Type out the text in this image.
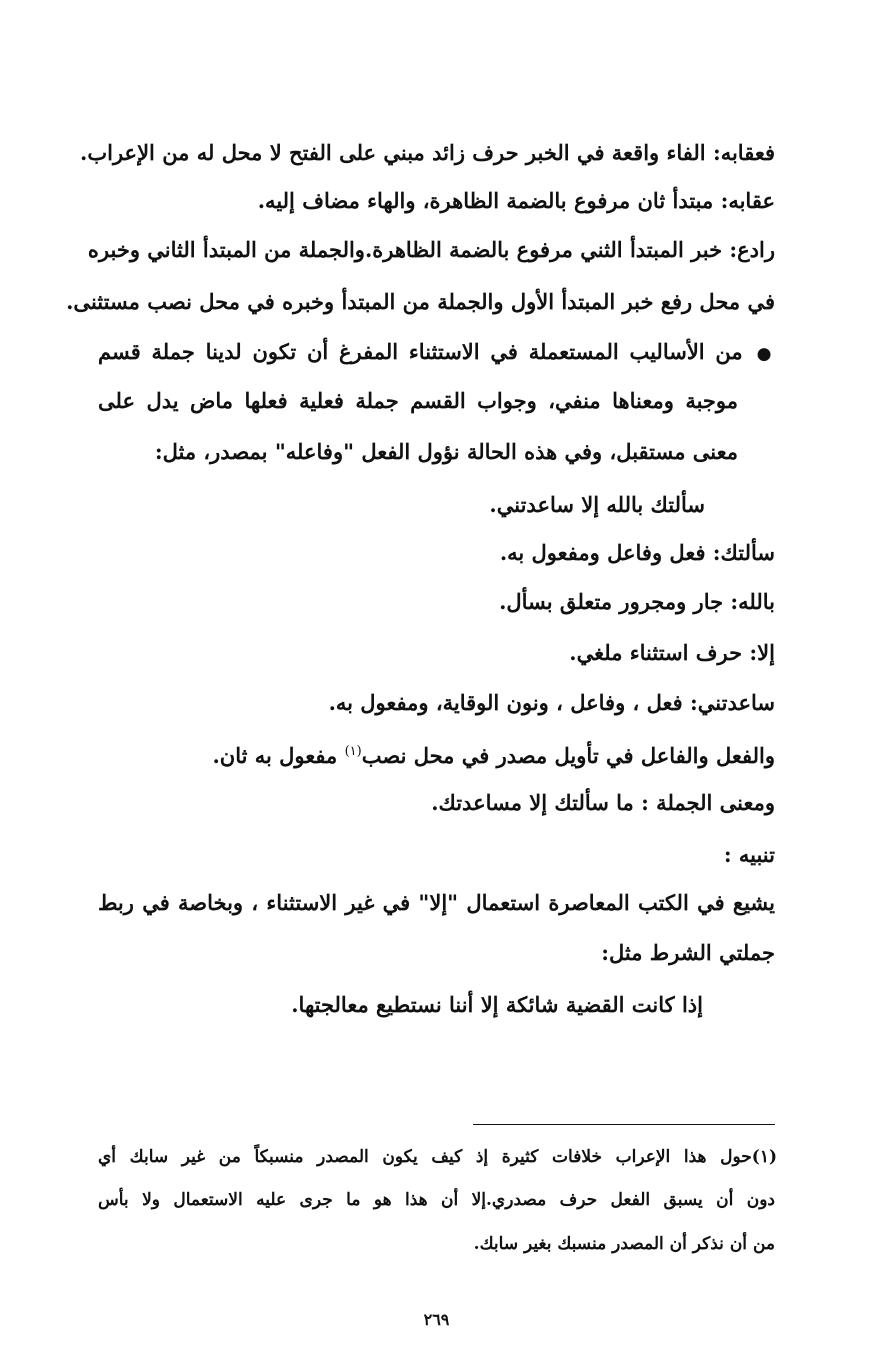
فعقابه: الفاء واقعة في الخبر حرف زائد مبني على الفتح لا محل له من الإعراب.

عقابه: مبتدأ ثان مرفوع بالضمة الظاهرة، والهاء مضاف إليه.

رادع: خبر المبتدأ الثني مرفوع بالضمة الظاهرة.والجملة من المبتدأ الثاني وخبره

في محل رفع خبر المبتدأ الأول والجملة من المبتدأ وخبره في محل نصب مستثنى.

●من الأساليب المستعملة في الاستثناء المفرغ أن تكون لدينا جملة قسم

موجبة ومعناها منفي، وجواب القسم جملة فعلية فعلها ماض يدل على

معنى مستقبل، وفي هذه الحالة نؤول الفعل "وفاعله" بمصدر، مثل:

سألتك بالله إلا ساعدتني.

سألتك: فعل وفاعل ومفعول به.

بالله: جار ومجرور متعلق بسأل.

إلا: حرف استثناء ملغي.

ساعدتني: فعل ، وفاعل ، ونون الوقاية، ومفعول به.

والفعل والفاعل في تأويل مصدر في محل نصب$^{(١)}$ مفعول به ثان.

ومعنى الجملة : ما سألتك إلا مساعدتك.

تنبيه :

يشيع في الكتب المعاصرة استعمال "إلا" في غير الاستثناء ، وبخاصة في ربط

جملتي الشرط مثل:

إذا كانت القضية شائكة إلا أننا نستطيع معالجتها.

(١)حول هذا الإعراب خلافات كثيرة إذ كيف يكون المصدر منسبكاً من غير سابك أي

دون أن يسبق الفعل حرف مصدري.إلا أن هذا هو ما جرى عليه الاستعمال ولا بأس

من أن نذكر أن المصدر منسبك بغير سابك.

٢٦٩
